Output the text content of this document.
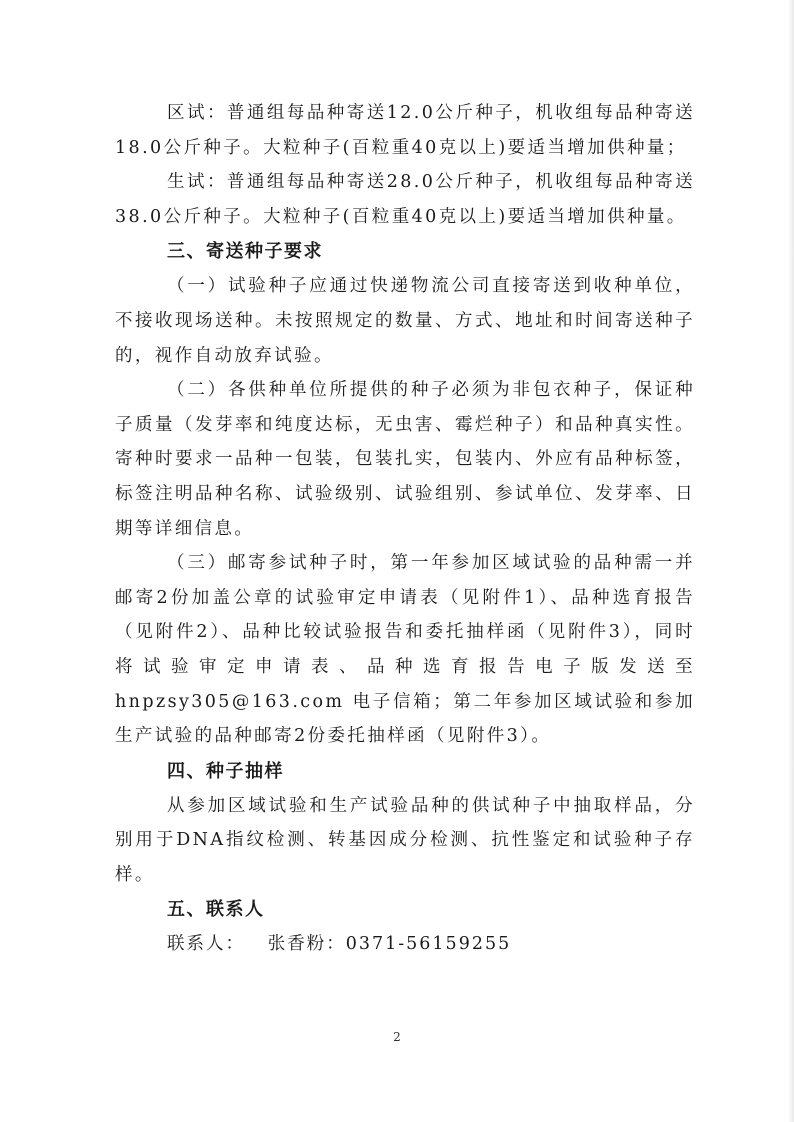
区试：普通组每品种寄送12.0公斤种子，机收组每品种寄送18.0公斤种子。大粒种子(百粒重40克以上)要适当增加供种量；

生试：普通组每品种寄送28.0公斤种子，机收组每品种寄送38.0公斤种子。大粒种子(百粒重40克以上)要适当增加供种量。

三、寄送种子要求

（一）试验种子应通过快递物流公司直接寄送到收种单位，不接收现场送种。未按照规定的数量、方式、地址和时间寄送种子的，视作自动放弃试验。

（二）各供种单位所提供的种子必须为非包衣种子，保证种子质量（发芽率和纯度达标，无虫害、霉烂种子）和品种真实性。寄种时要求一品种一包装，包装扎实，包装内、外应有品种标签，标签注明品种名称、试验级别、试验组别、参试单位、发芽率、日期等详细信息。

（三）邮寄参试种子时，第一年参加区域试验的品种需一并邮寄2份加盖公章的试验审定申请表（见附件1）、品种选育报告（见附件2）、品种比较试验报告和委托抽样函（见附件3），同时将试验审定申请表、品种选育报告电子版发送至 hnpzsy305@163.com 电子信箱；第二年参加区域试验和参加生产试验的品种邮寄2份委托抽样函（见附件3）。

四、种子抽样

从参加区域试验和生产试验品种的供试种子中抽取样品，分别用于DNA指纹检测、转基因成分检测、抗性鉴定和试验种子存样。

五、联系人

联系人： 张香粉：0371-56159255

2
